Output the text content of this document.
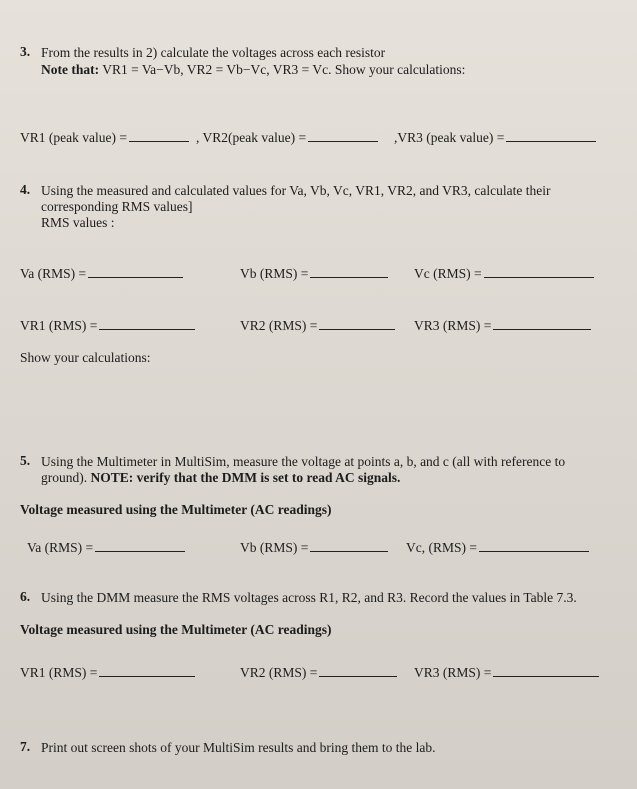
3. From the results in 2) calculate the voltages across each resistor
Note that: VR1 = Va−Vb, VR2 = Vb−Vc, VR3 = Vc. Show your calculations:
VR1 (peak value) =	, VR2(peak value) =	,VR3 (peak value) =
4. Using the measured and calculated values for Va, Vb, Vc, VR1, VR2, and VR3, calculate their
corresponding RMS values]
RMS values :
Va (RMS) =	Vb (RMS) =	Vc (RMS) =
VR1 (RMS) =	VR2 (RMS) =	VR3 (RMS) =
Show your calculations:
5. Using the Multimeter in MultiSim, measure the voltage at points a, b, and c (all with reference to
ground). NOTE: verify that the DMM is set to read AC signals.
Voltage measured using the Multimeter (AC readings)
Va (RMS) =	Vb (RMS) =	Vc, (RMS) =
6. Using the DMM measure the RMS voltages across R1, R2, and R3. Record the values in Table 7.3.
Voltage measured using the Multimeter (AC readings)
VR1 (RMS) =	VR2 (RMS) =	VR3 (RMS) =
7. Print out screen shots of your MultiSim results and bring them to the lab.
